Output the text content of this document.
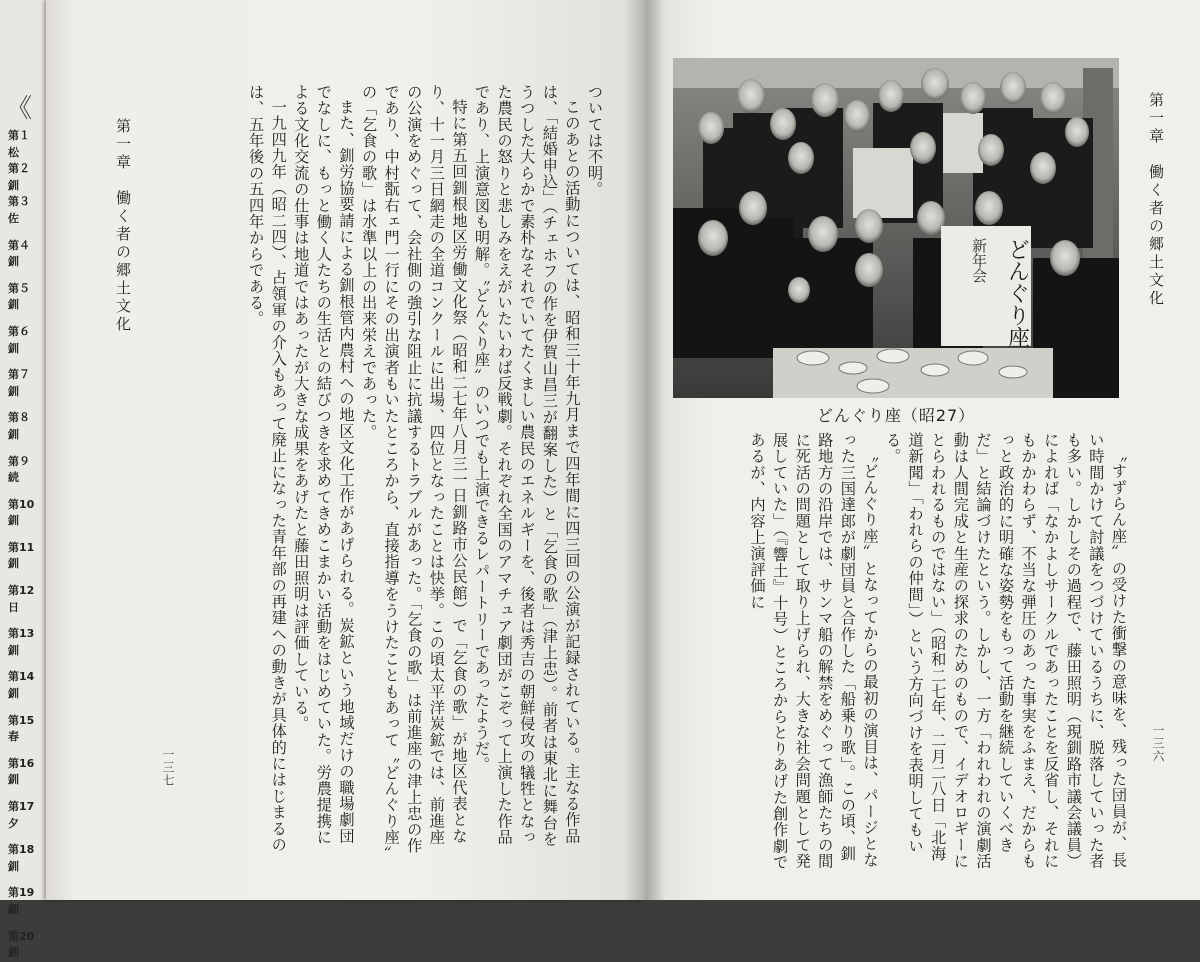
《
第１
松
第２
釧
第３
佐
第４
釧
第５
釧
第６
釧
第７
釧
第８
釧
第９
続
第10
釧
第11
釧
第12
日
第13
釧
第14
釧
第15
春
第16
釧
第17
夕
第18
釧
第19
釧
第20
釧

ついては不明。

このあとの活動については、昭和三十年九月まで四年間に四三回の公演が記録されている。主なる作品は、「結婚申込」（チェホフの作を伊賀山昌三が翻案した）と「乞食の歌」（津上忠）。前者は東北に舞台をうつした大らかで素朴なそれでいてたくましい農民のエネルギーを、後者は秀吉の朝鮮侵攻の犠牲となった農民の怒りと悲しみをえがいたいわば反戦劇。それぞれ全国のアマチュア劇団がこぞって上演した作品であり、上演意図も明解。〝どんぐり座〟のいつでも上演できるレパートリーであったようだ。

特に第五回釧根地区労働文化祭（昭和二七年八月三一日釧路市公民館）で「乞食の歌」が地区代表となり、十一月三日網走の全道コンクールに出場、四位となったことは快挙。この頃太平洋炭鉱では、前進座の公演をめぐって、会社側の強引な阻止に抗議するトラブルがあった。「乞食の歌」は前進座の津上忠の作であり、中村翫右ェ門一行にその出演者もいたところから、直接指導をうけたこともあって〝どんぐり座〟の「乞食の歌」は水準以上の出来栄えであった。

また、釧労協要請による釧根管内農村への地区文化工作があげられる。炭鉱という地域だけの職場劇団でなしに、もっと働く人たちの生活との結びつきを求めてきめこまかい活動をはじめていた。労農提携による文化交流の仕事は地道ではあったが大きな成果をあげたと藤田照明は評価している。

一九四九年（昭二四）、占領軍の介入もあって廃止になった青年部の再建への動きが具体的にはじまるのは、五年後の五四年からである。

第一章　働く者の郷土文化
一三七
第一章　働く者の郷土文化
一三六
どんぐり座
新年会
どんぐり座（昭27）

〝すずらん座〟の受けた衝撃の意味を、残った団員が、長い時間かけて討議をつづけているうちに、脱落していった者も多い。しかしその過程で、藤田照明（現釧路市議会議員）によれば「なかよしサークルであったことを反省し、それにもかかわらず、不当な弾圧のあった事実をふまえ、だからもっと政治的に明確な姿勢をもって活動を継続していくべきだ」と結論づけたという。しかし、一方「われわれの演劇活動は人間完成と生産の探求のためのもので、イデオロギーにとらわれるものではない」（昭和二七年、二月二八日「北海道新聞」「われらの仲間」）という方向づけを表明してもいる。

〝どんぐり座〟となってからの最初の演目は、パージとなった三国達郎が劇団員と合作した「船乗り歌」。この頃、釧路地方の沿岸では、サンマ船の解禁をめぐって漁師たちの間に死活の問題として取り上げられ、大きな社会問題として発展していた」（『響土』十号）ところからとりあげた創作劇であるが、内容上演評価に
